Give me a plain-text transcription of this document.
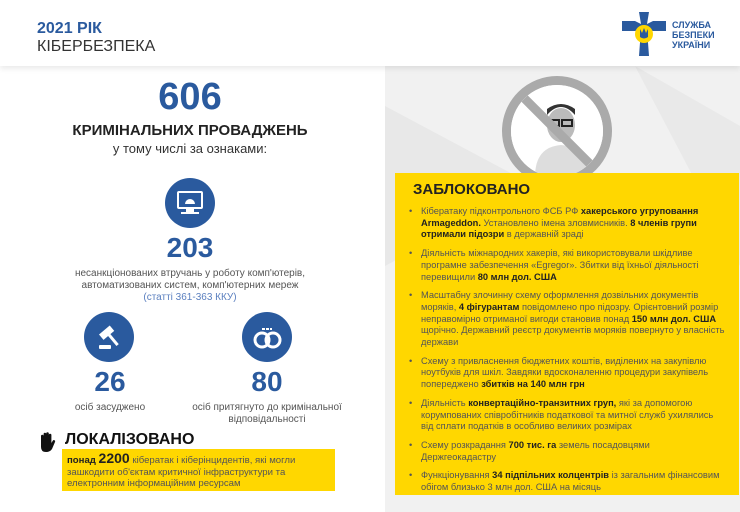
2021 РІК
КІБЕРБЕЗПЕКА
СЛУЖБА
БЕЗПЕКИ
УКРАЇНИ
606
КРИМІНАЛЬНИХ ПРОВАДЖЕНЬ
у тому числі за ознаками:
203
несанкціонованих втручань у роботу комп'ютерів,
автоматизованих систем, комп'ютерних мереж
(статті 361-363 ККУ)
26	80
осіб засуджено	осіб притягнуто до кримінальної відповідальності
ЛОКАЛІЗОВАНО
понад 2200 кібератак і кіберінцидентів, які могли зашкодити об'єктам критичної інфраструктури та електронним інформаційним ресурсам
ЗАБЛОКОВАНО
• Кібератаку підконтрольного ФСБ РФ хакерського угруповання Armageddon. Установлено імена зловмисників. 8 членів групи отримали підозри в державній зраді
• Діяльність міжнародних хакерів, які використовували шкідливе програмне забезпечення «Egregor». Збитки від їхньої діяльності перевищили 80 млн дол. США
• Масштабну злочинну схему оформлення дозвільних документів моряків, 4 фігурантам повідомлено про підозру. Орієнтовний розмір неправомірно отриманої вигоди становив понад 150 млн дол. США щорічно. Державний реєстр документів моряків повернуто у власність держави
• Схему з привласнення бюджетних коштів, виділених на закупівлю ноутбуків для шкіл. Завдяки вдосконаленню процедури закупівель попереджено збитків на 140 млн грн
• Діяльність конвертаційно-транзитних груп, які за допомогою корумпованих співробітників податкової та митної служб ухилялись від сплати податків в особливо великих розмірах
• Схему розкрадання 700 тис. га земель посадовцями Держгеокадастру
• Функціонування 34 підпільних колцентрів із загальним фінансовим обігом близько 3 млн дол. США на місяць
